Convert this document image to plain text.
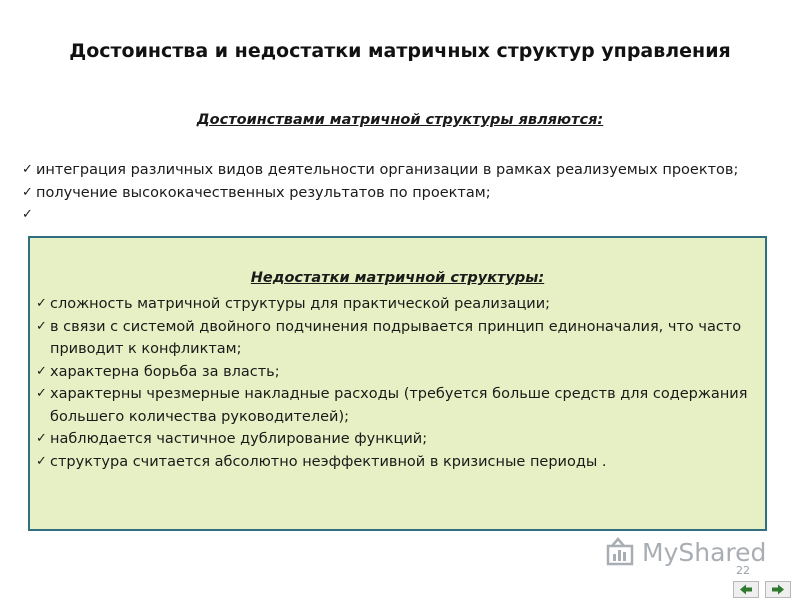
Достоинства и недостатки матричных структур управления
Достоинствами матричной структуры являются:
✓ интеграция различных видов деятельности организации в рамках реализуемых проектов;
✓ получение высококачественных результатов по проектам;
✓
Недостатки матричной структуры:
✓ сложность матричной структуры для практической реализации;
✓ в связи с системой двойного подчинения подрывается принцип единоначалия, что часто приводит к конфликтам;
✓ характерна борьба за власть;
✓ характерны чрезмерные накладные расходы (требуется больше средств для содержания большего количества руководителей);
✓ наблюдается частичное дублирование функций;
✓ структура считается абсолютно неэффективной в кризисные периоды .
MyShared
22
